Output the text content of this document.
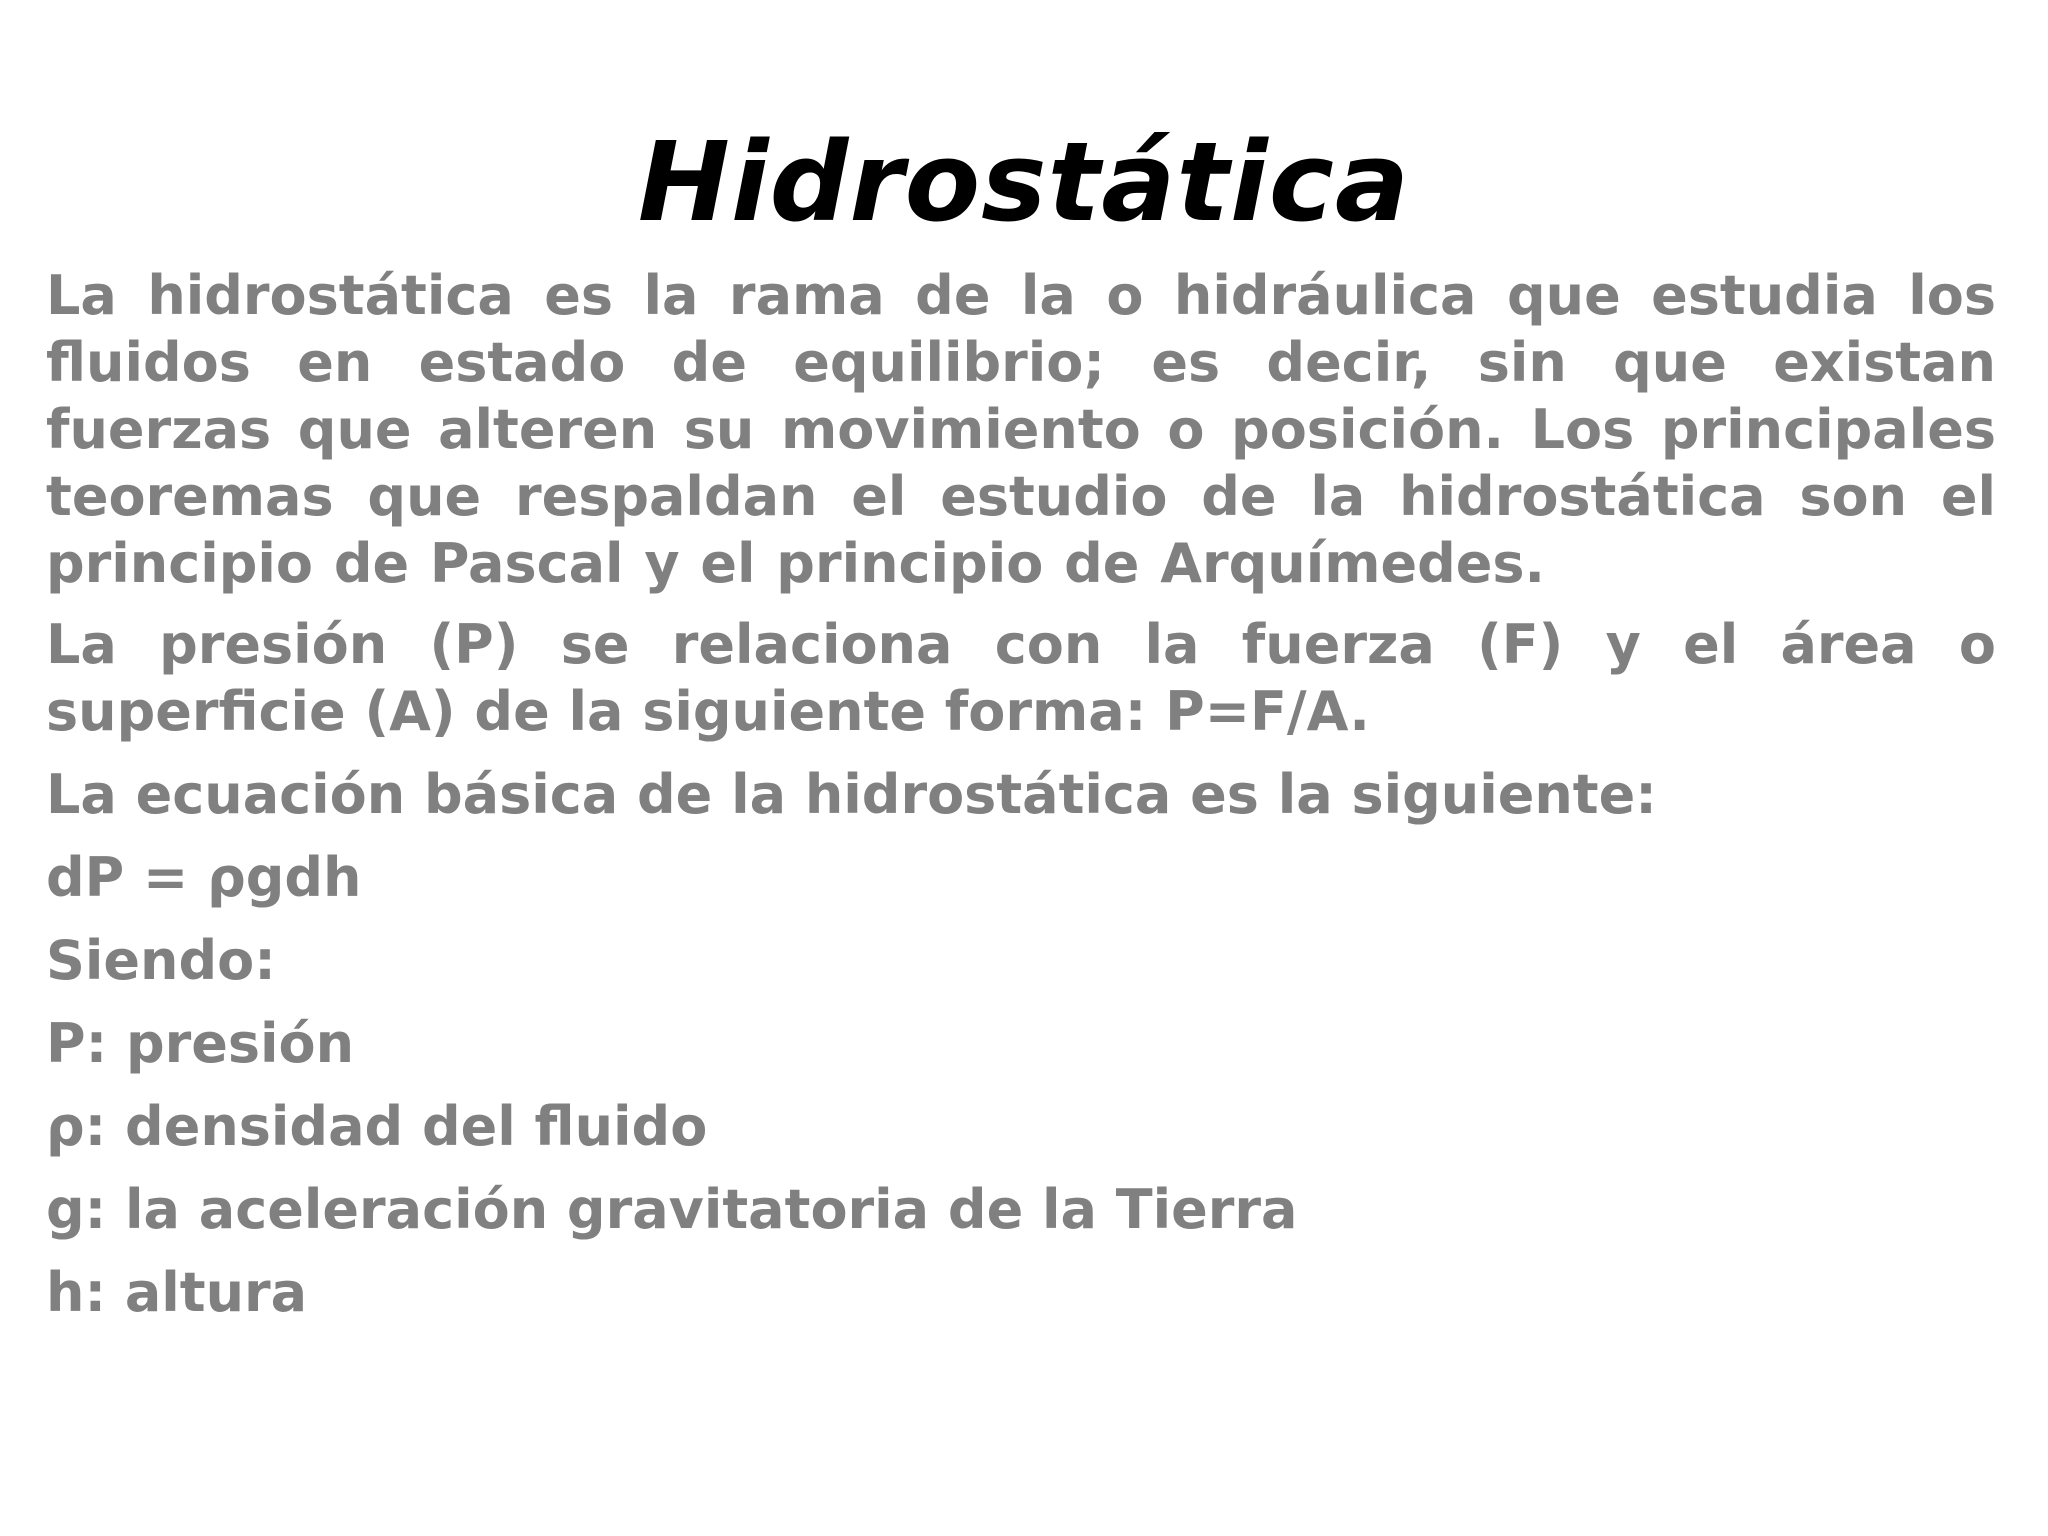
Hidrostática

La hidrostática es la rama de la o hidráulica que estudia los fluidos en estado de equilibrio; es decir, sin que existan fuerzas que alteren su movimiento o posición. Los principales teoremas que respaldan el estudio de la hidrostática son el principio de Pascal y el principio de Arquímedes.

La presión (P) se relaciona con la fuerza (F) y el área o superficie (A) de la siguiente forma: P=F/A.

La ecuación básica de la hidrostática es la siguiente:

dP = ρgdh

Siendo:

P: presión

ρ: densidad del fluido

g: la aceleración gravitatoria de la Tierra

h: altura
